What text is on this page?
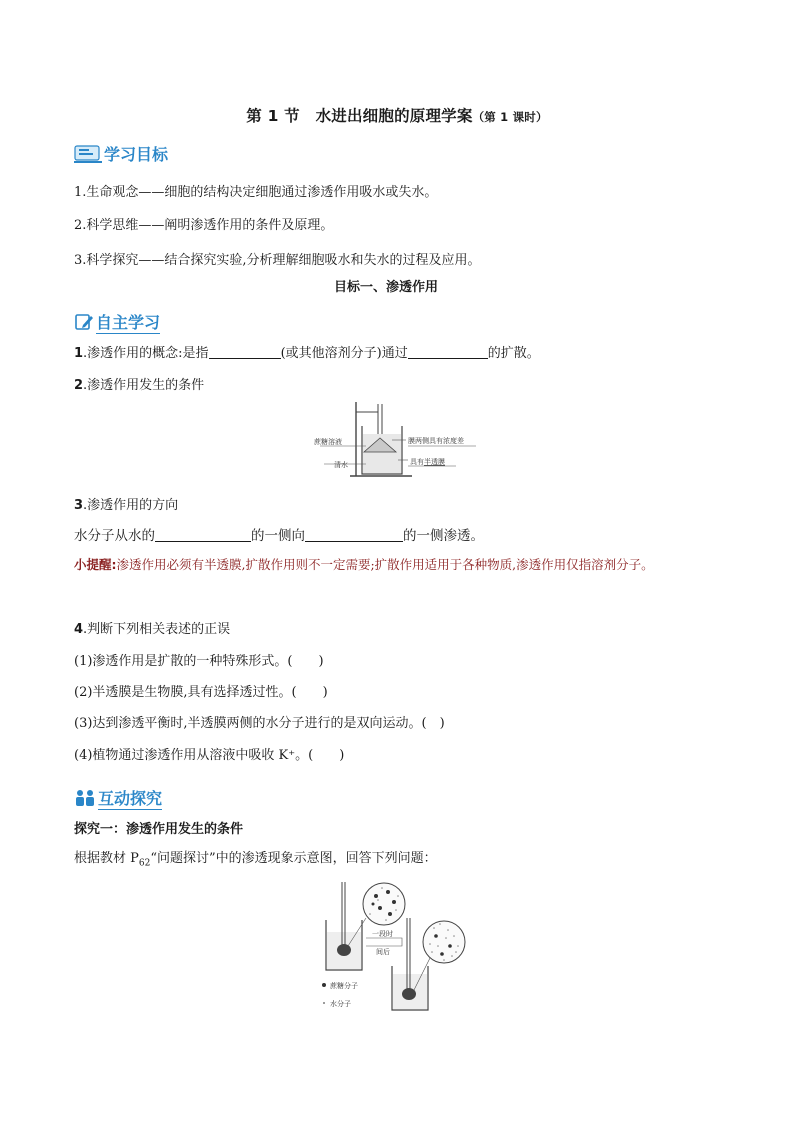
第 1 节　水进出细胞的原理学案（第 1 课时）
学习目标
1.生命观念——细胞的结构决定细胞通过渗透作用吸水或失水。
2.科学思维——阐明渗透作用的条件及原理。
3.科学探究——结合探究实验,分析理解细胞吸水和失水的过程及应用。
目标一、渗透作用
自主学习
1.渗透作用的概念:是指	(或其他溶剂分子)通过	的扩散。
2.渗透作用发生的条件
蔗糖溶液
清水
膜两侧具有浓度差
具有半透膜
3.渗透作用的方向
水分子从水的	的一侧向	的一侧渗透。
小提醒:渗透作用必须有半透膜,扩散作用则不一定需要;扩散作用适用于各种物质,渗透作用仅指溶剂分子。
4.判断下列相关表述的正误
(1)渗透作用是扩散的一种特殊形式。(　　)
(2)半透膜是生物膜,具有选择透过性。(　　)
(3)达到渗透平衡时,半透膜两侧的水分子进行的是双向运动。(　)
(4)植物通过渗透作用从溶液中吸收 K⁺。(　　)
互动探究
探究一：渗透作用发生的条件
根据教材 $P_{62}“$问题探讨”中的渗透现象示意图，回答下列问题：
一段时
间后
蔗糖分子
水分子
